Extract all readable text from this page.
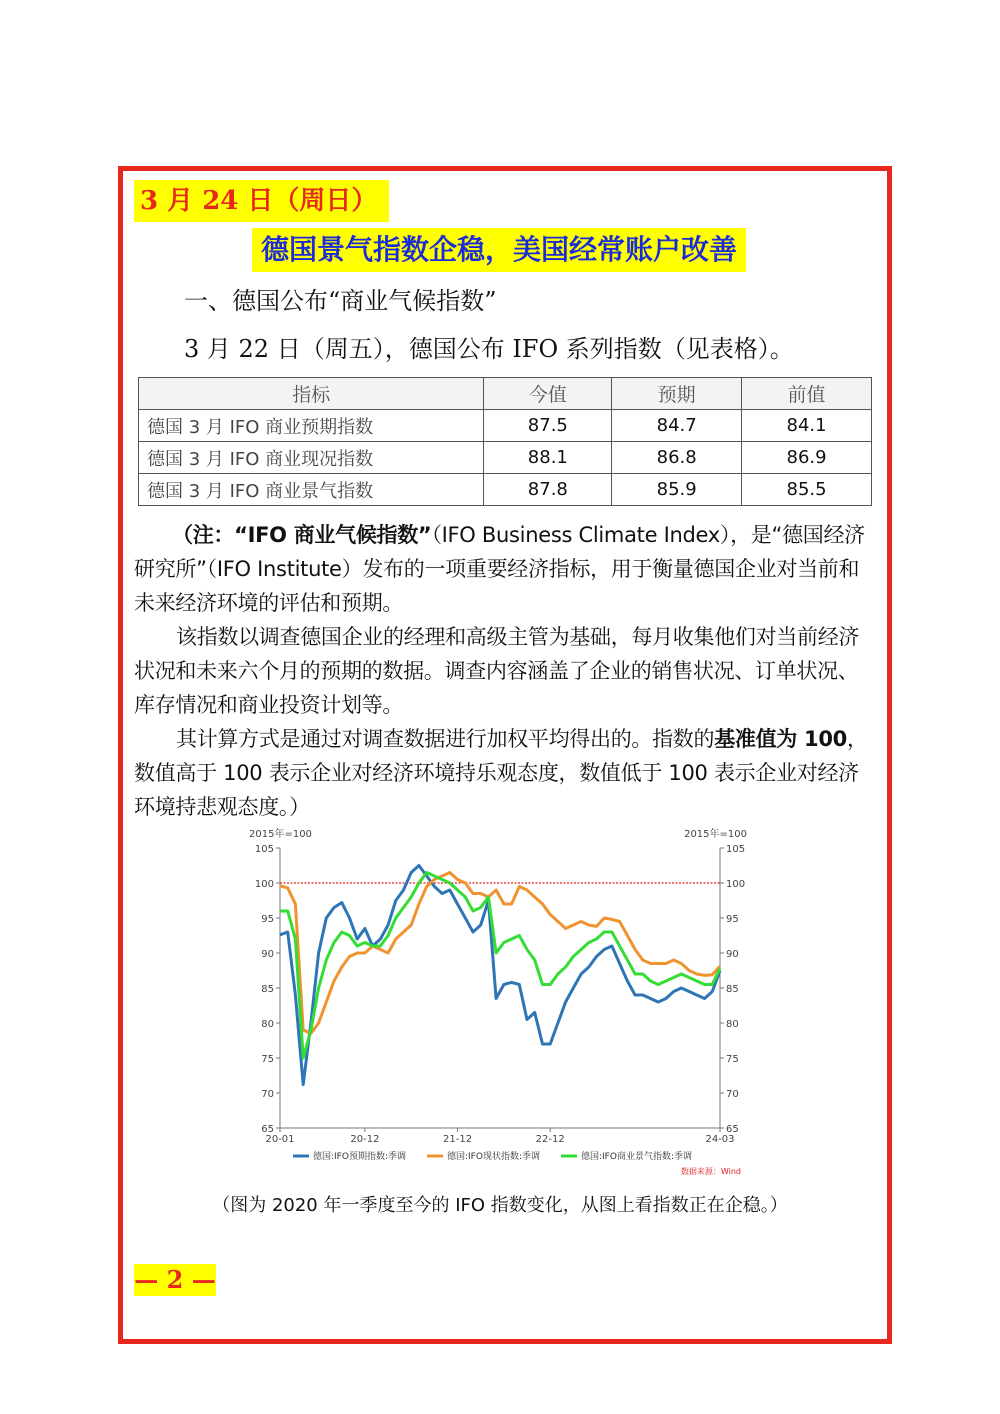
3 月 24 日（周日）
德国景气指数企稳，美国经常账户改善
一、德国公布“商业气候指数”
3 月 22 日（周五），德国公布 IFO 系列指数（见表格）。
指标	今值	预期	前值
德国 3 月 IFO 商业预期指数	87.5	84.7	84.1
德国 3 月 IFO 商业现况指数	88.1	86.8	86.9
德国 3 月 IFO 商业景气指数	87.8	85.9	85.5
（注：“IFO 商业气候指数”（IFO Business Climate Index），是“德国经济研究所”（IFO Institute）发布的一项重要经济指标，用于衡量德国企业对当前和未来经济环境的评估和预期。
该指数以调查德国企业的经理和高级主管为基础，每月收集他们对当前经济状况和未来六个月的预期的数据。调查内容涵盖了企业的销售状况、订单状况、库存情况和商业投资计划等。
其计算方式是通过对调查数据进行加权平均得出的。指数的基准值为 100，数值高于 100 表示企业对经济环境持乐观态度，数值低于 100 表示企业对经济环境持悲观态度。）
2015年=100	2015年=100
65	65
70	70
75	75
80	80
85	85
90	90
95	95
100	100
105	105
20-01	20-12	21-12	22-12	24-03
德国:IFO预期指数:季调	德国:IFO现状指数:季调	德国:IFO商业景气指数:季调
数据来源：Wind
（图为 2020 年一季度至今的 IFO 指数变化，从图上看指数正在企稳。）
— 2 —
